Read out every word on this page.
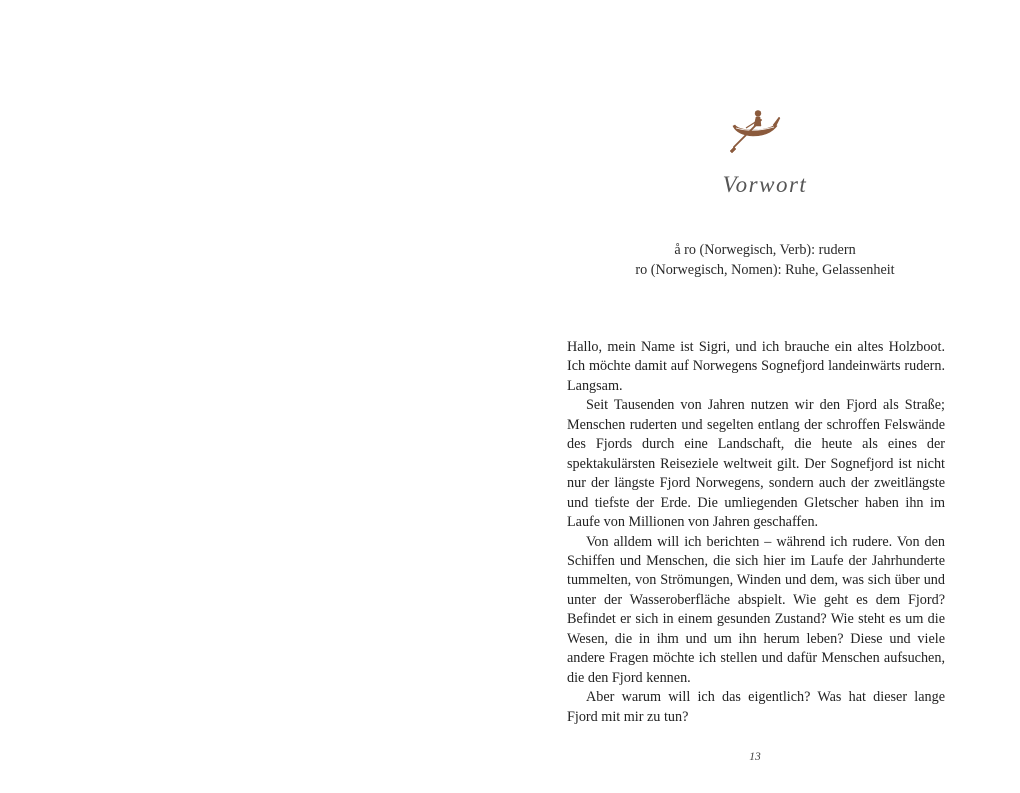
Vorwort
å ro (Norwegisch, Verb): rudern
ro (Norwegisch, Nomen): Ruhe, Gelassenheit

Hallo, mein Name ist Sigri, und ich brauche ein altes Holzboot. Ich möchte damit auf Norwegens Sognefjord landeinwärts rudern. Langsam.

Seit Tausenden von Jahren nutzen wir den Fjord als Straße; Menschen ruderten und segelten entlang der schroffen Felswände des Fjords durch eine Landschaft, die heute als eines der spektakulärsten Reiseziele weltweit gilt. Der Sognefjord ist nicht nur der längste Fjord Norwegens, sondern auch der zweitlängste und tiefste der Erde. Die umliegenden Gletscher haben ihn im Laufe von Millionen von Jahren geschaffen.

Von alldem will ich berichten – während ich rudere. Von den Schiffen und Menschen, die sich hier im Laufe der Jahrhunderte tummelten, von Strömungen, Winden und dem, was sich über und unter der Wasseroberfläche abspielt. Wie geht es dem Fjord? Befindet er sich in einem gesunden Zustand? Wie steht es um die Wesen, die in ihm und um ihn herum leben? Diese und viele andere Fragen möchte ich stellen und dafür Menschen aufsuchen, die den Fjord kennen.

Aber warum will ich das eigentlich? Was hat dieser lange Fjord mit mir zu tun?

13
